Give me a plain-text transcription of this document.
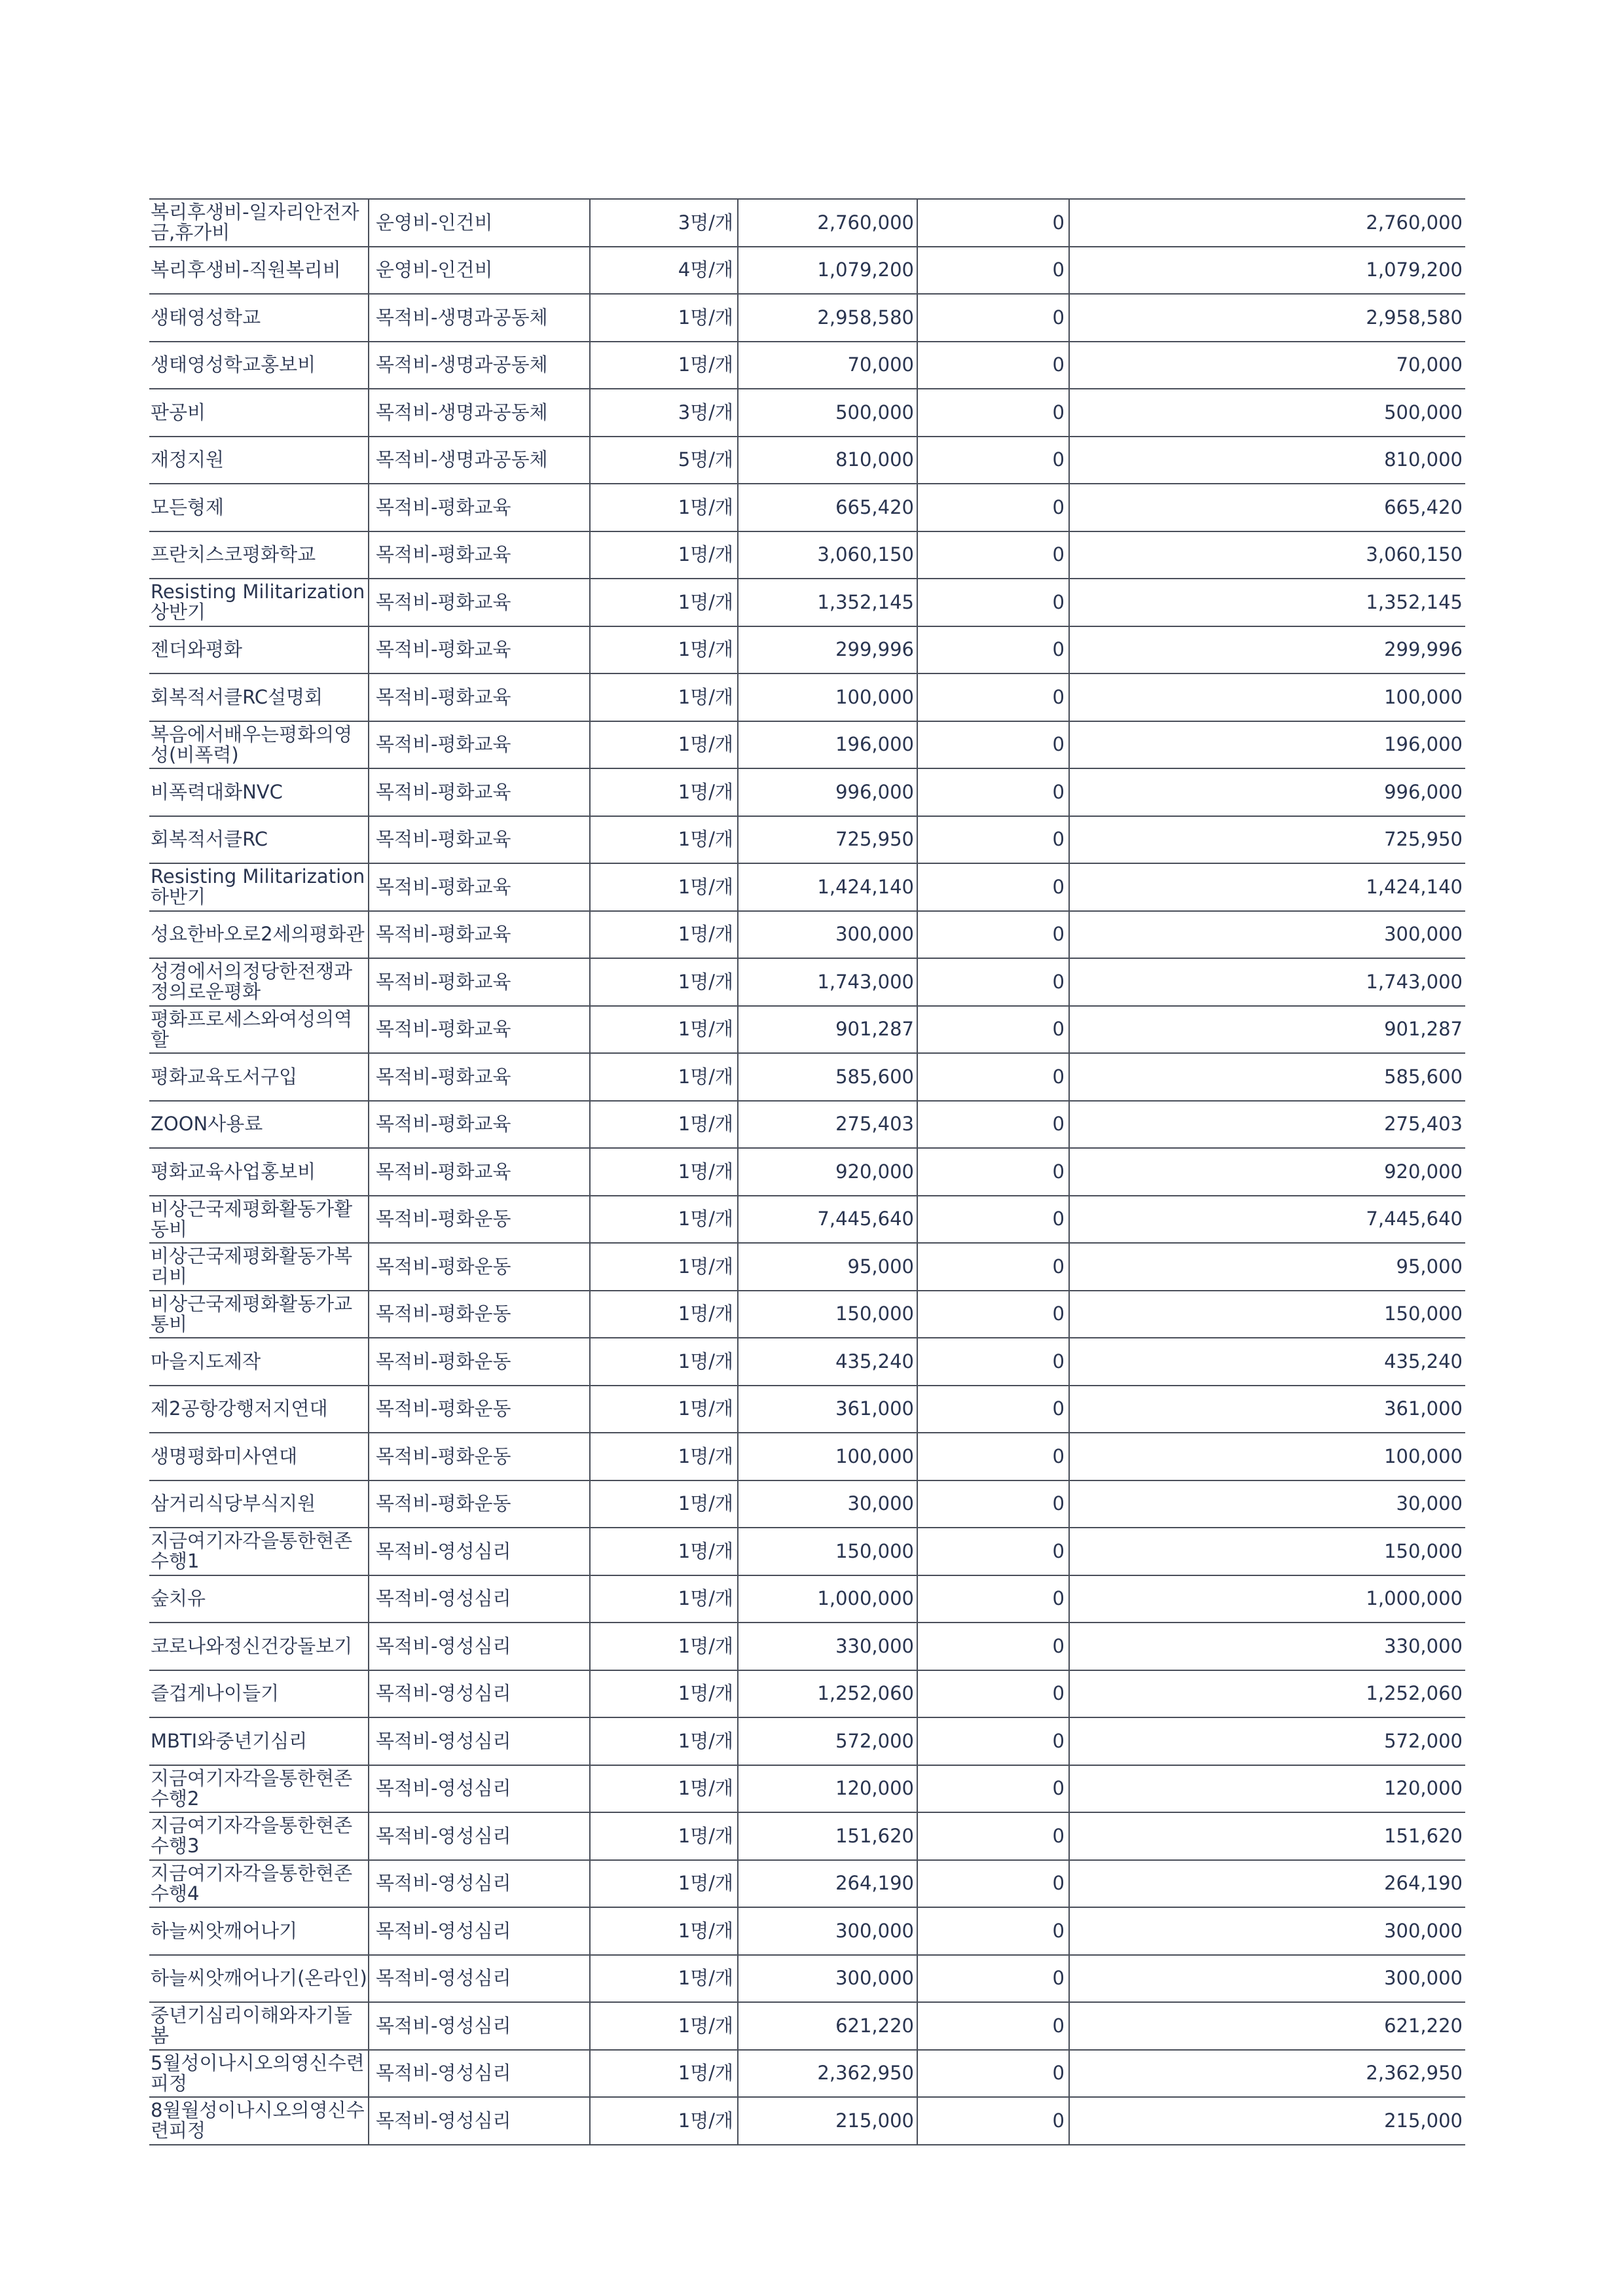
복리후생비-일자리안전자금,휴가비	운영비-인건비	3명/개	2,760,000	0	2,760,000
복리후생비-직원복리비	운영비-인건비	4명/개	1,079,200	0	1,079,200
생태영성학교	목적비-생명과공동체	1명/개	2,958,580	0	2,958,580
생태영성학교홍보비	목적비-생명과공동체	1명/개	70,000	0	70,000
판공비	목적비-생명과공동체	3명/개	500,000	0	500,000
재정지원	목적비-생명과공동체	5명/개	810,000	0	810,000
모든형제	목적비-평화교육	1명/개	665,420	0	665,420
프란치스코평화학교	목적비-평화교육	1명/개	3,060,150	0	3,060,150
Resisting Militarization상반기	목적비-평화교육	1명/개	1,352,145	0	1,352,145
젠더와평화	목적비-평화교육	1명/개	299,996	0	299,996
회복적서클RC설명회	목적비-평화교육	1명/개	100,000	0	100,000
복음에서배우는평화의영성(비폭력)	목적비-평화교육	1명/개	196,000	0	196,000
비폭력대화NVC	목적비-평화교육	1명/개	996,000	0	996,000
회복적서클RC	목적비-평화교육	1명/개	725,950	0	725,950
Resisting Militarization하반기	목적비-평화교육	1명/개	1,424,140	0	1,424,140
성요한바오로2세의평화관	목적비-평화교육	1명/개	300,000	0	300,000
성경에서의정당한전쟁과정의로운평화	목적비-평화교육	1명/개	1,743,000	0	1,743,000
평화프로세스와여성의역할	목적비-평화교육	1명/개	901,287	0	901,287
평화교육도서구입	목적비-평화교육	1명/개	585,600	0	585,600
ZOON사용료	목적비-평화교육	1명/개	275,403	0	275,403
평화교육사업홍보비	목적비-평화교육	1명/개	920,000	0	920,000
비상근국제평화활동가활동비	목적비-평화운동	1명/개	7,445,640	0	7,445,640
비상근국제평화활동가복리비	목적비-평화운동	1명/개	95,000	0	95,000
비상근국제평화활동가교통비	목적비-평화운동	1명/개	150,000	0	150,000
마을지도제작	목적비-평화운동	1명/개	435,240	0	435,240
제2공항강행저지연대	목적비-평화운동	1명/개	361,000	0	361,000
생명평화미사연대	목적비-평화운동	1명/개	100,000	0	100,000
삼거리식당부식지원	목적비-평화운동	1명/개	30,000	0	30,000
지금여기자각을통한현존수행1	목적비-영성심리	1명/개	150,000	0	150,000
숲치유	목적비-영성심리	1명/개	1,000,000	0	1,000,000
코로나와정신건강돌보기	목적비-영성심리	1명/개	330,000	0	330,000
즐겁게나이들기	목적비-영성심리	1명/개	1,252,060	0	1,252,060
MBTI와중년기심리	목적비-영성심리	1명/개	572,000	0	572,000
지금여기자각을통한현존수행2	목적비-영성심리	1명/개	120,000	0	120,000
지금여기자각을통한현존수행3	목적비-영성심리	1명/개	151,620	0	151,620
지금여기자각을통한현존수행4	목적비-영성심리	1명/개	264,190	0	264,190
하늘씨앗깨어나기	목적비-영성심리	1명/개	300,000	0	300,000
하늘씨앗깨어나기(온라인)	목적비-영성심리	1명/개	300,000	0	300,000
중년기심리이해와자기돌봄	목적비-영성심리	1명/개	621,220	0	621,220
5월성이나시오의영신수련피정	목적비-영성심리	1명/개	2,362,950	0	2,362,950
8월월성이나시오의영신수련피정	목적비-영성심리	1명/개	215,000	0	215,000
